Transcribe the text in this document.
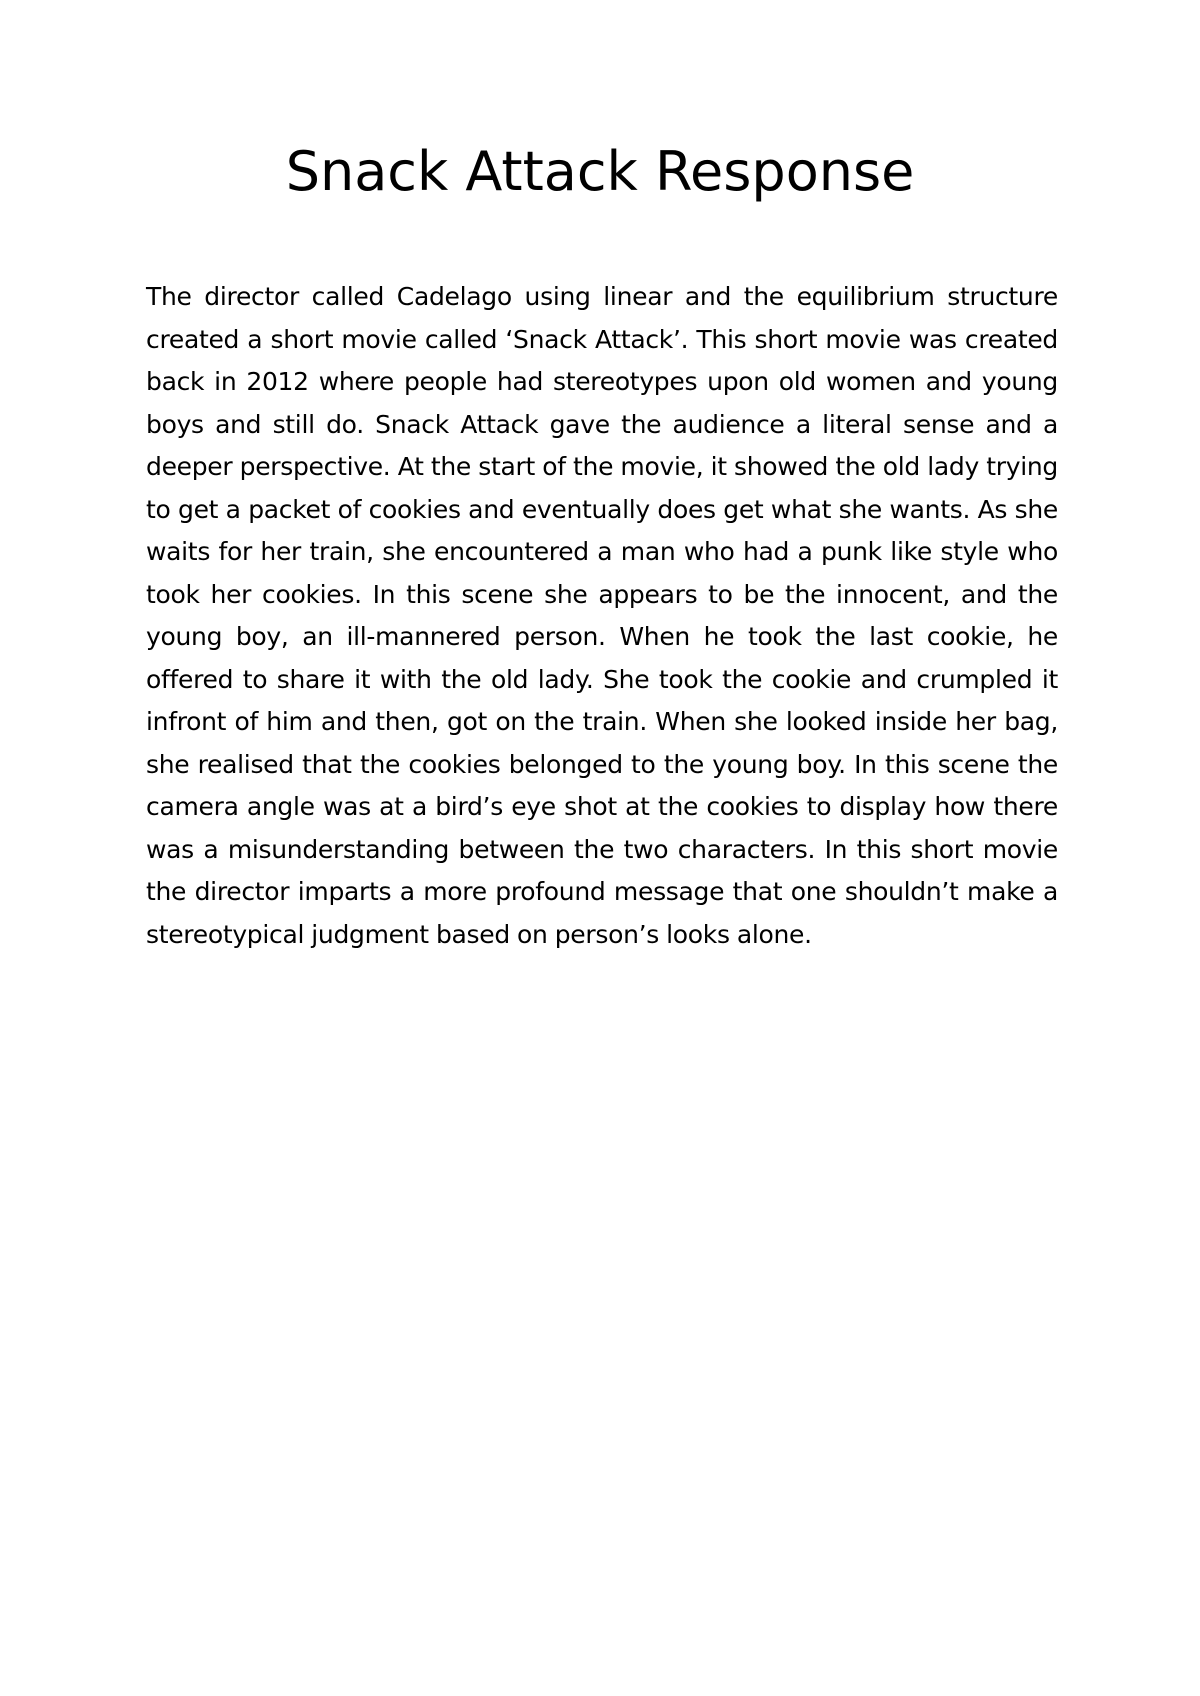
Snack Attack Response

The director called Cadelago using linear and the equilibrium structure created a short movie called ‘Snack Attack’. This short movie was created back in 2012 where people had stereotypes upon old women and young boys and still do. Snack Attack gave the audience a literal sense and a deeper perspective. At the start of the movie, it showed the old lady trying to get a packet of cookies and eventually does get what she wants. As she waits for her train, she encountered a man who had a punk like style who took her cookies. In this scene she appears to be the innocent, and the young boy, an ill-mannered person. When he took the last cookie, he offered to share it with the old lady. She took the cookie and crumpled it infront of him and then, got on the train. When she looked inside her bag, she realised that the cookies belonged to the young boy. In this scene the camera angle was at a bird’s eye shot at the cookies to display how there was a misunderstanding between the two characters. In this short movie the director imparts a more profound message that one shouldn’t make a stereotypical judgment based on person’s looks alone.
